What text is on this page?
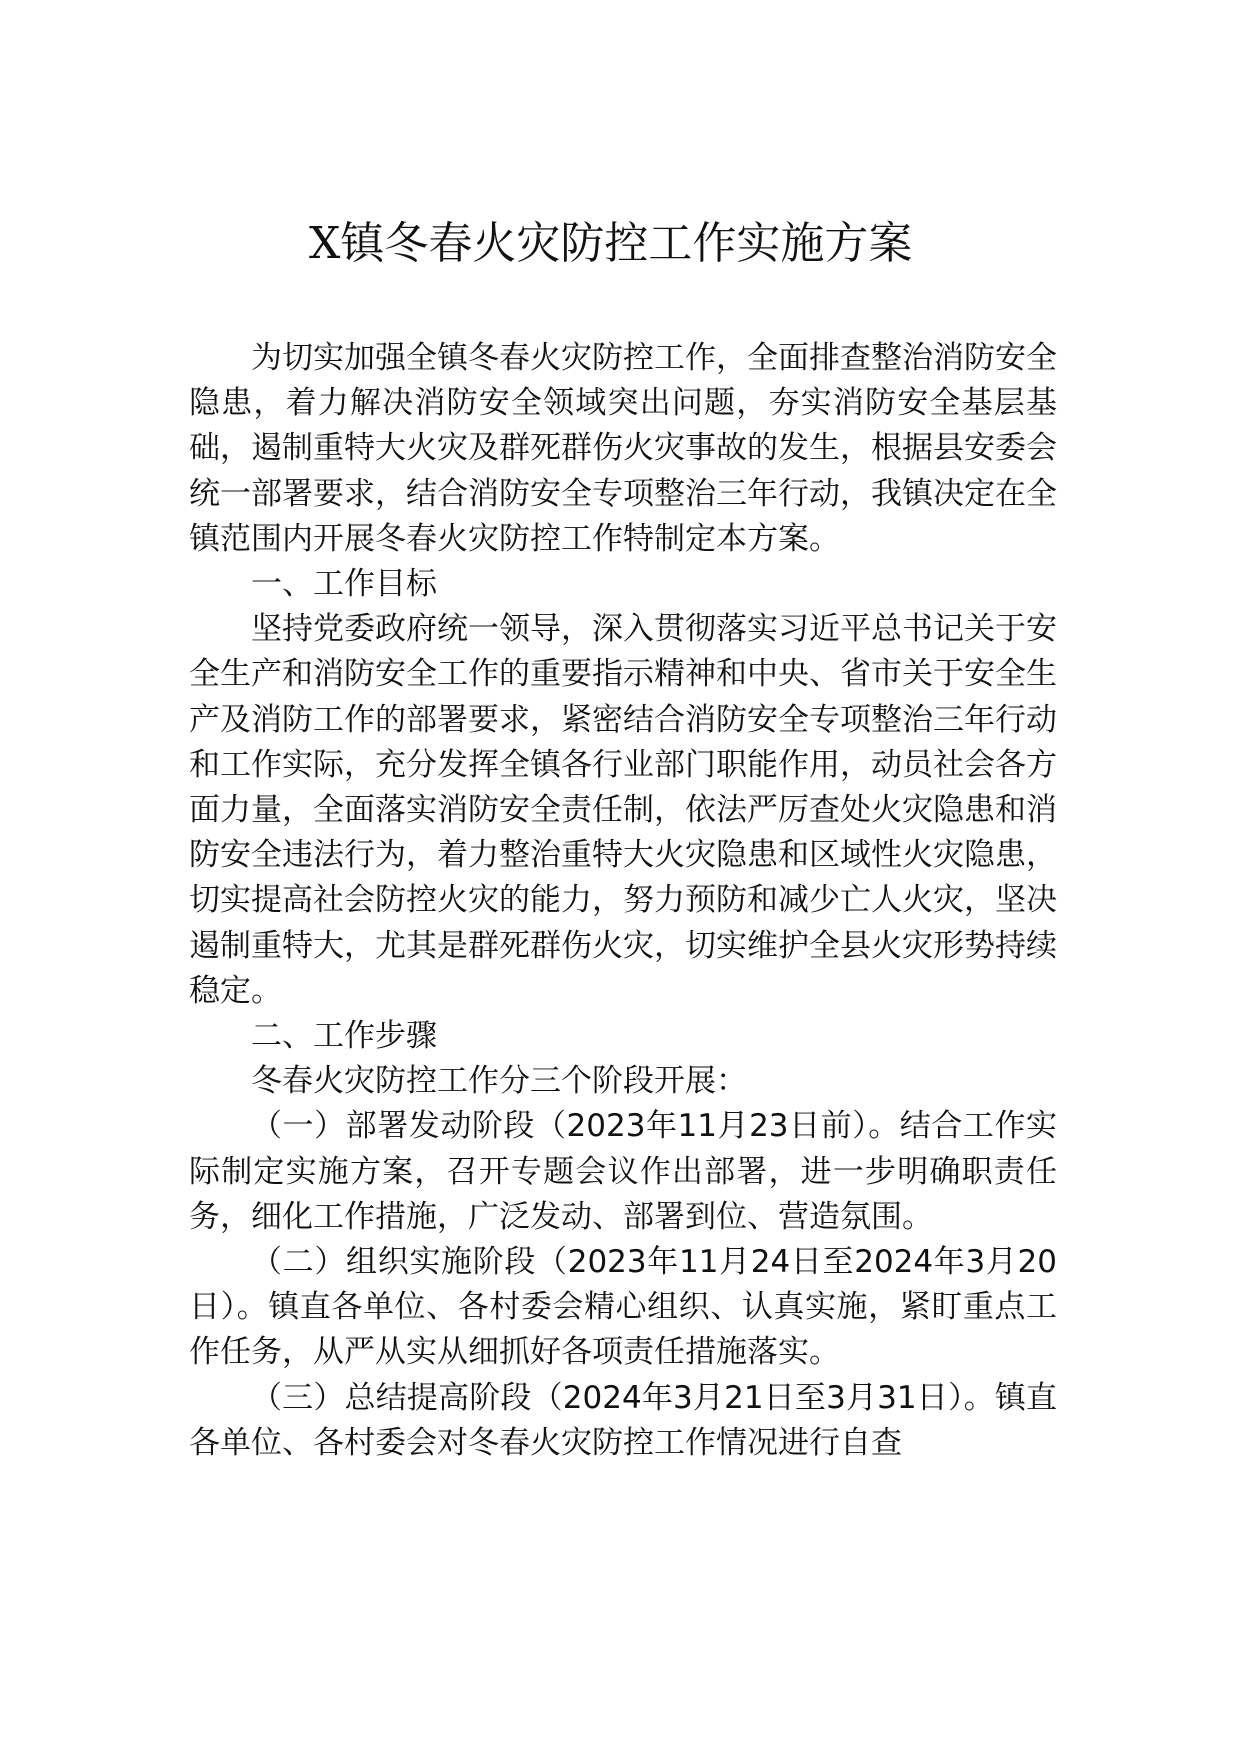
X镇冬春火灾防控工作实施方案

为切实加强全镇冬春火灾防控工作，全面排查整治消防安全隐患，着力解决消防安全领域突出问题，夯实消防安全基层基础，遏制重特大火灾及群死群伤火灾事故的发生，根据县安委会统一部署要求，结合消防安全专项整治三年行动，我镇决定在全镇范围内开展冬春火灾防控工作特制定本方案。

一、工作目标

坚持党委政府统一领导，深入贯彻落实习近平总书记关于安全生产和消防安全工作的重要指示精神和中央、省市关于安全生产及消防工作的部署要求，紧密结合消防安全专项整治三年行动和工作实际，充分发挥全镇各行业部门职能作用，动员社会各方面力量，全面落实消防安全责任制，依法严厉查处火灾隐患和消防安全违法行为，着力整治重特大火灾隐患和区域性火灾隐患，切实提高社会防控火灾的能力，努力预防和减少亡人火灾，坚决遏制重特大，尤其是群死群伤火灾，切实维护全县火灾形势持续稳定。

二、工作步骤

冬春火灾防控工作分三个阶段开展：

（一）部署发动阶段（2023年11月23日前）。结合工作实际制定实施方案，召开专题会议作出部署，进一步明确职责任务，细化工作措施，广泛发动、部署到位、营造氛围。

（二）组织实施阶段（2023年11月24日至2024年3月20日）。镇直各单位、各村委会精心组织、认真实施，紧盯重点工作任务，从严从实从细抓好各项责任措施落实。

（三）总结提高阶段（2024年3月21日至3月31日）。镇直各单位、各村委会对冬春火灾防控工作情况进行自查
